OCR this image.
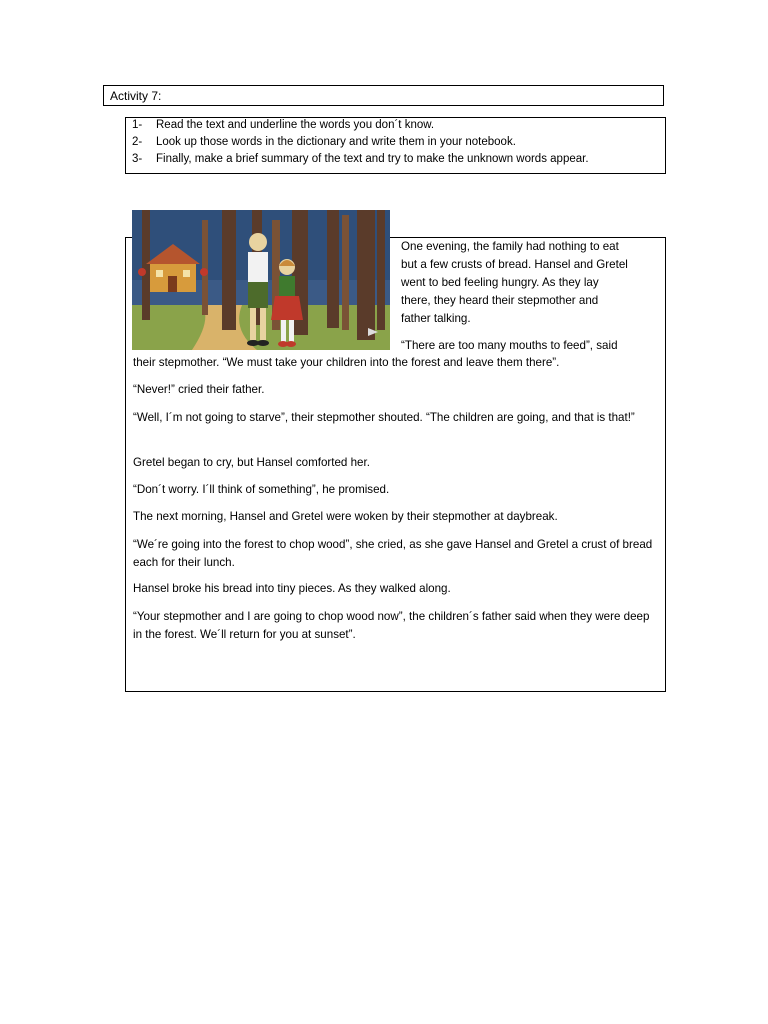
Activity 7:
1- Read the text and underline the words you don´t know.
2- Look up those words in the dictionary and write them in your notebook.
3- Finally, make a brief summary of the text and try to make the unknown words appear.
One evening, the family had nothing to eat
but a few crusts of bread. Hansel and Gretel
went to bed feeling hungry. As they lay
there, they heard their stepmother and
father talking.
“There are too many mouths to feed”, said
their stepmother. “We must take your children into the forest and leave them there”.
“Never!” cried their father.
“Well, I´m not going to starve”, their stepmother shouted. “The children are going, and that is that!”
Gretel began to cry, but Hansel comforted her.
“Don´t worry. I´ll think of something”, he promised.
The next morning, Hansel and Gretel were woken by their stepmother at daybreak.
“We´re going into the forest to chop wood”, she cried, as she gave Hansel and Gretel a crust of bread each for their lunch.
Hansel broke his bread into tiny pieces. As they walked along.
“Your stepmother and I are going to chop wood now”, the children´s father said when they were deep in the forest. We´ll return for you at sunset”.
